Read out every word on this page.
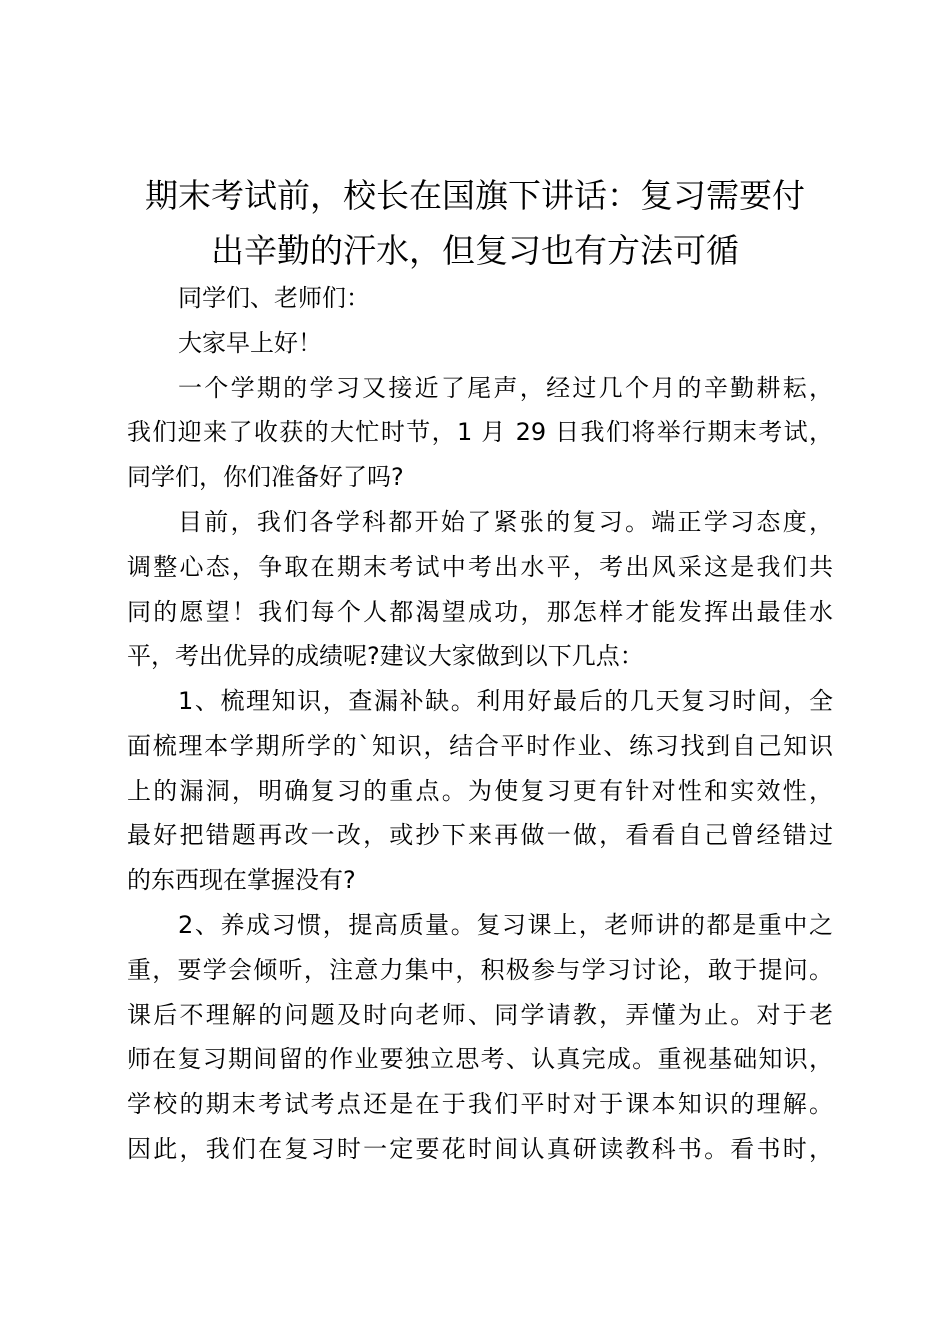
期末考试前，校长在国旗下讲话：复习需要付
出辛勤的汗水，但复习也有方法可循

同学们、老师们：

大家早上好！

一个学期的学习又接近了尾声，经过几个月的辛勤耕耘，

我们迎来了收获的大忙时节，1 月 29 日我们将举行期末考试，

同学们，你们准备好了吗?

目前，我们各学科都开始了紧张的复习。端正学习态度，

调整心态，争取在期末考试中考出水平，考出风采这是我们共

同的愿望！我们每个人都渴望成功，那怎样才能发挥出最佳水

平，考出优异的成绩呢?建议大家做到以下几点：

1、梳理知识，查漏补缺。利用好最后的几天复习时间，全

面梳理本学期所学的`知识，结合平时作业、练习找到自己知识

上的漏洞，明确复习的重点。为使复习更有针对性和实效性，

最好把错题再改一改，或抄下来再做一做，看看自己曾经错过

的东西现在掌握没有?

2、养成习惯，提高质量。复习课上，老师讲的都是重中之

重，要学会倾听，注意力集中，积极参与学习讨论，敢于提问。

课后不理解的问题及时向老师、同学请教，弄懂为止。对于老

师在复习期间留的作业要独立思考、认真完成。重视基础知识，

学校的期末考试考点还是在于我们平时对于课本知识的理解。

因此，我们在复习时一定要花时间认真研读教科书。看书时，
